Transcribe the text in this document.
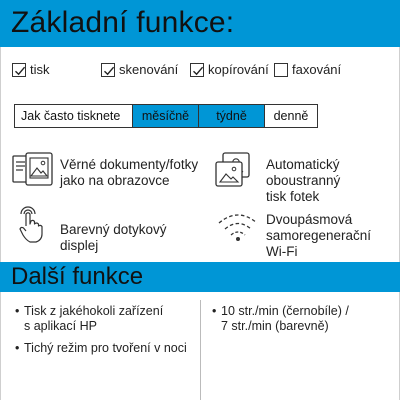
Základní funkce:
tisk	skenování kopírování faxování
Jak často tisknete	měsíčně	týdně	denně
Věrné dokumenty/fotky
jako na obrazovce
Automatický
oboustranný
tisk fotek
Barevný dotykový
displej
Dvoupásmová
samoregenerační
Wi-Fi
Další funkce
• Tisk z jakéhokoli zařízení
s aplikací HP
• Tichý režim pro tvoření v noci
• 10 str./min (černobíle) /
7 str./min (barevně)
